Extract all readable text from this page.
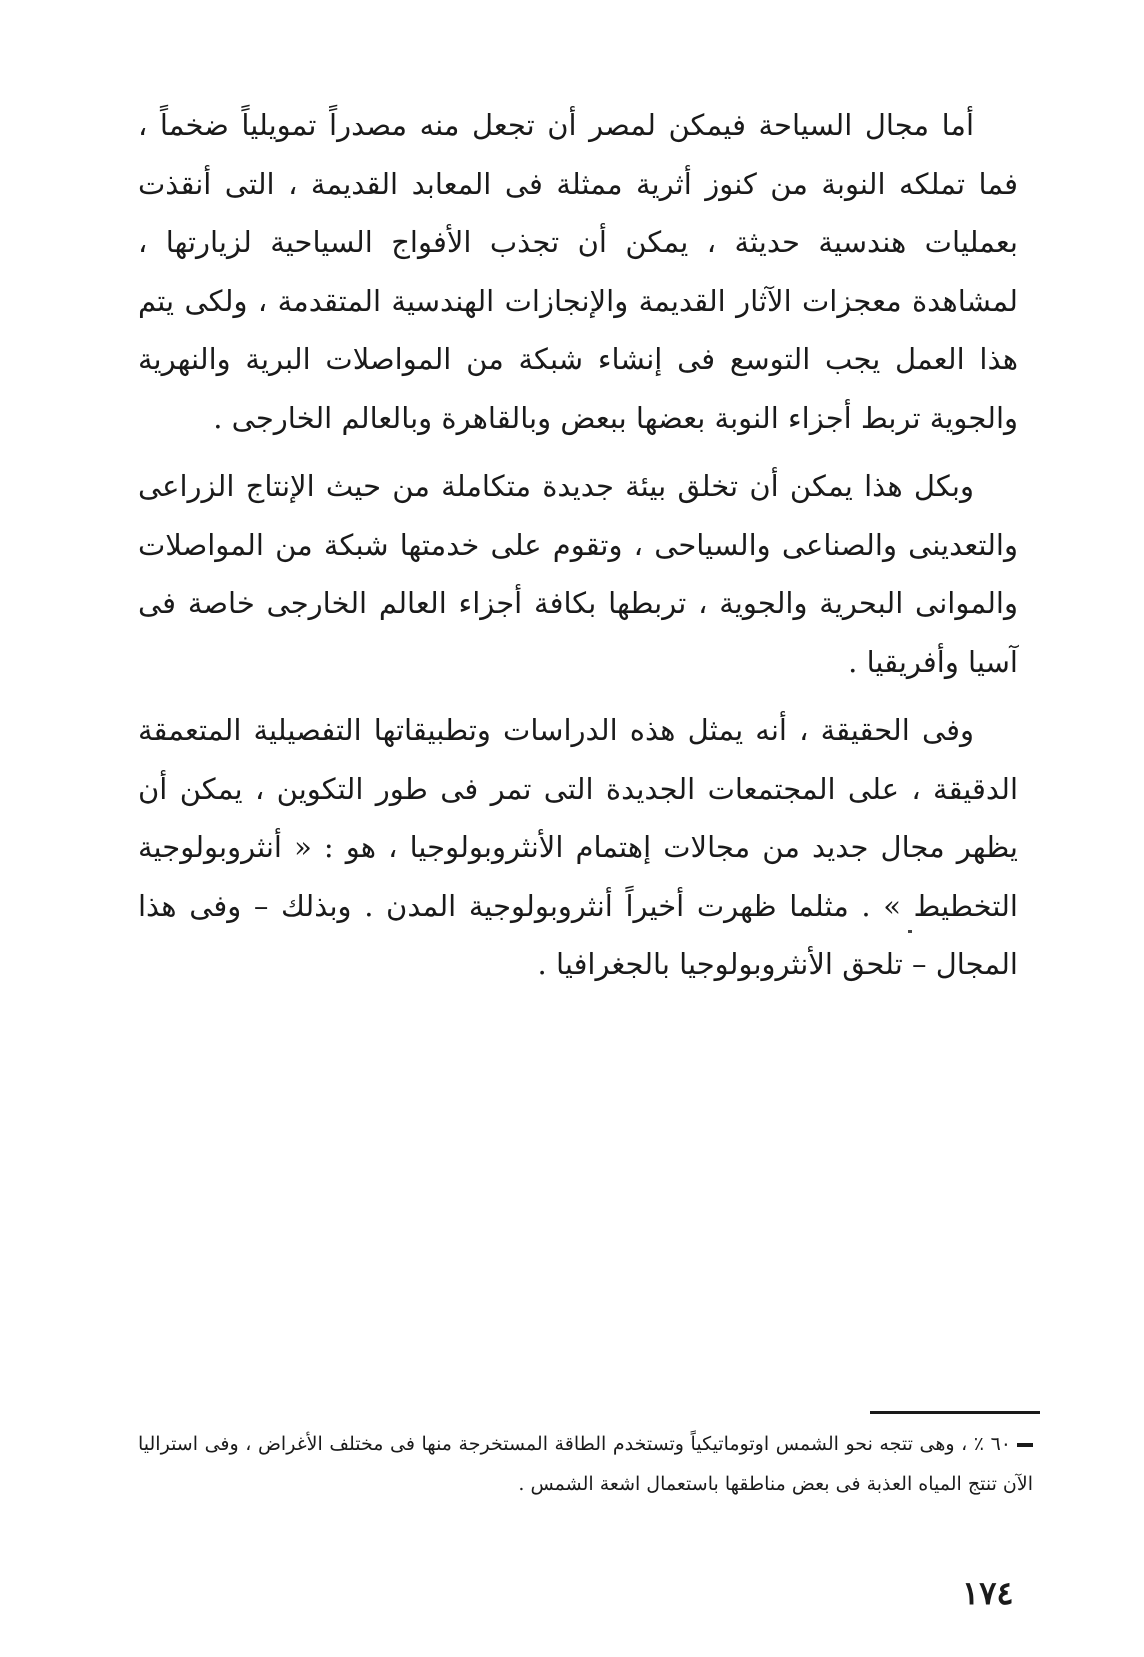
أما مجال السياحة فيمكن لمصر أن تجعل منه مصدراً تمويلياً ضخماً ، فما تملكه النوبة من كنوز أثرية ممثلة فى المعابد القديمة ، التى أنقذت بعمليات هندسية حديثة ، يمكن أن تجذب الأفواج السياحية لزيارتها ، لمشاهدة معجزات الآثار القديمة والإنجازات الهندسية المتقدمة ، ولكى يتم هذا العمل يجب التوسع فى إنشاء شبكة من المواصلات البرية والنهرية والجوية تربط أجزاء النوبة بعضها ببعض وبالقاهرة وبالعالم الخارجى .

وبكل هذا يمكن أن تخلق بيئة جديدة متكاملة من حيث الإنتاج الزراعى والتعدينى والصناعى والسياحى ، وتقوم على خدمتها شبكة من المواصلات والموانى البحرية والجوية ، تربطها بكافة أجزاء العالم الخارجى خاصة فى آسيا وأفريقيا .

وفى الحقيقة ، أنه يمثل هذه الدراسات وتطبيقاتها التفصيلية المتعمقة الدقيقة ، على المجتمعات الجديدة التى تمر فى طور التكوين ، يمكن أن يظهر مجال جديد من مجالات إهتمام الأنثروبولوجيا ، هو : « أنثروبولوجية التخطيط » . مثلما ظهرت أخيراً أنثروبولوجية المدن . وبذلك – وفى هذا المجال – تلحق الأنثروبولوجيا بالجغرافيا .

٦٠ ٪ ، وهى تتجه نحو الشمس اوتوماتيكياً وتستخدم الطاقة المستخرجة منها فى مختلف الأغراض ، وفى استراليا الآن تنتج المياه العذبة فى بعض مناطقها باستعمال اشعة الشمس .
١٧٤
